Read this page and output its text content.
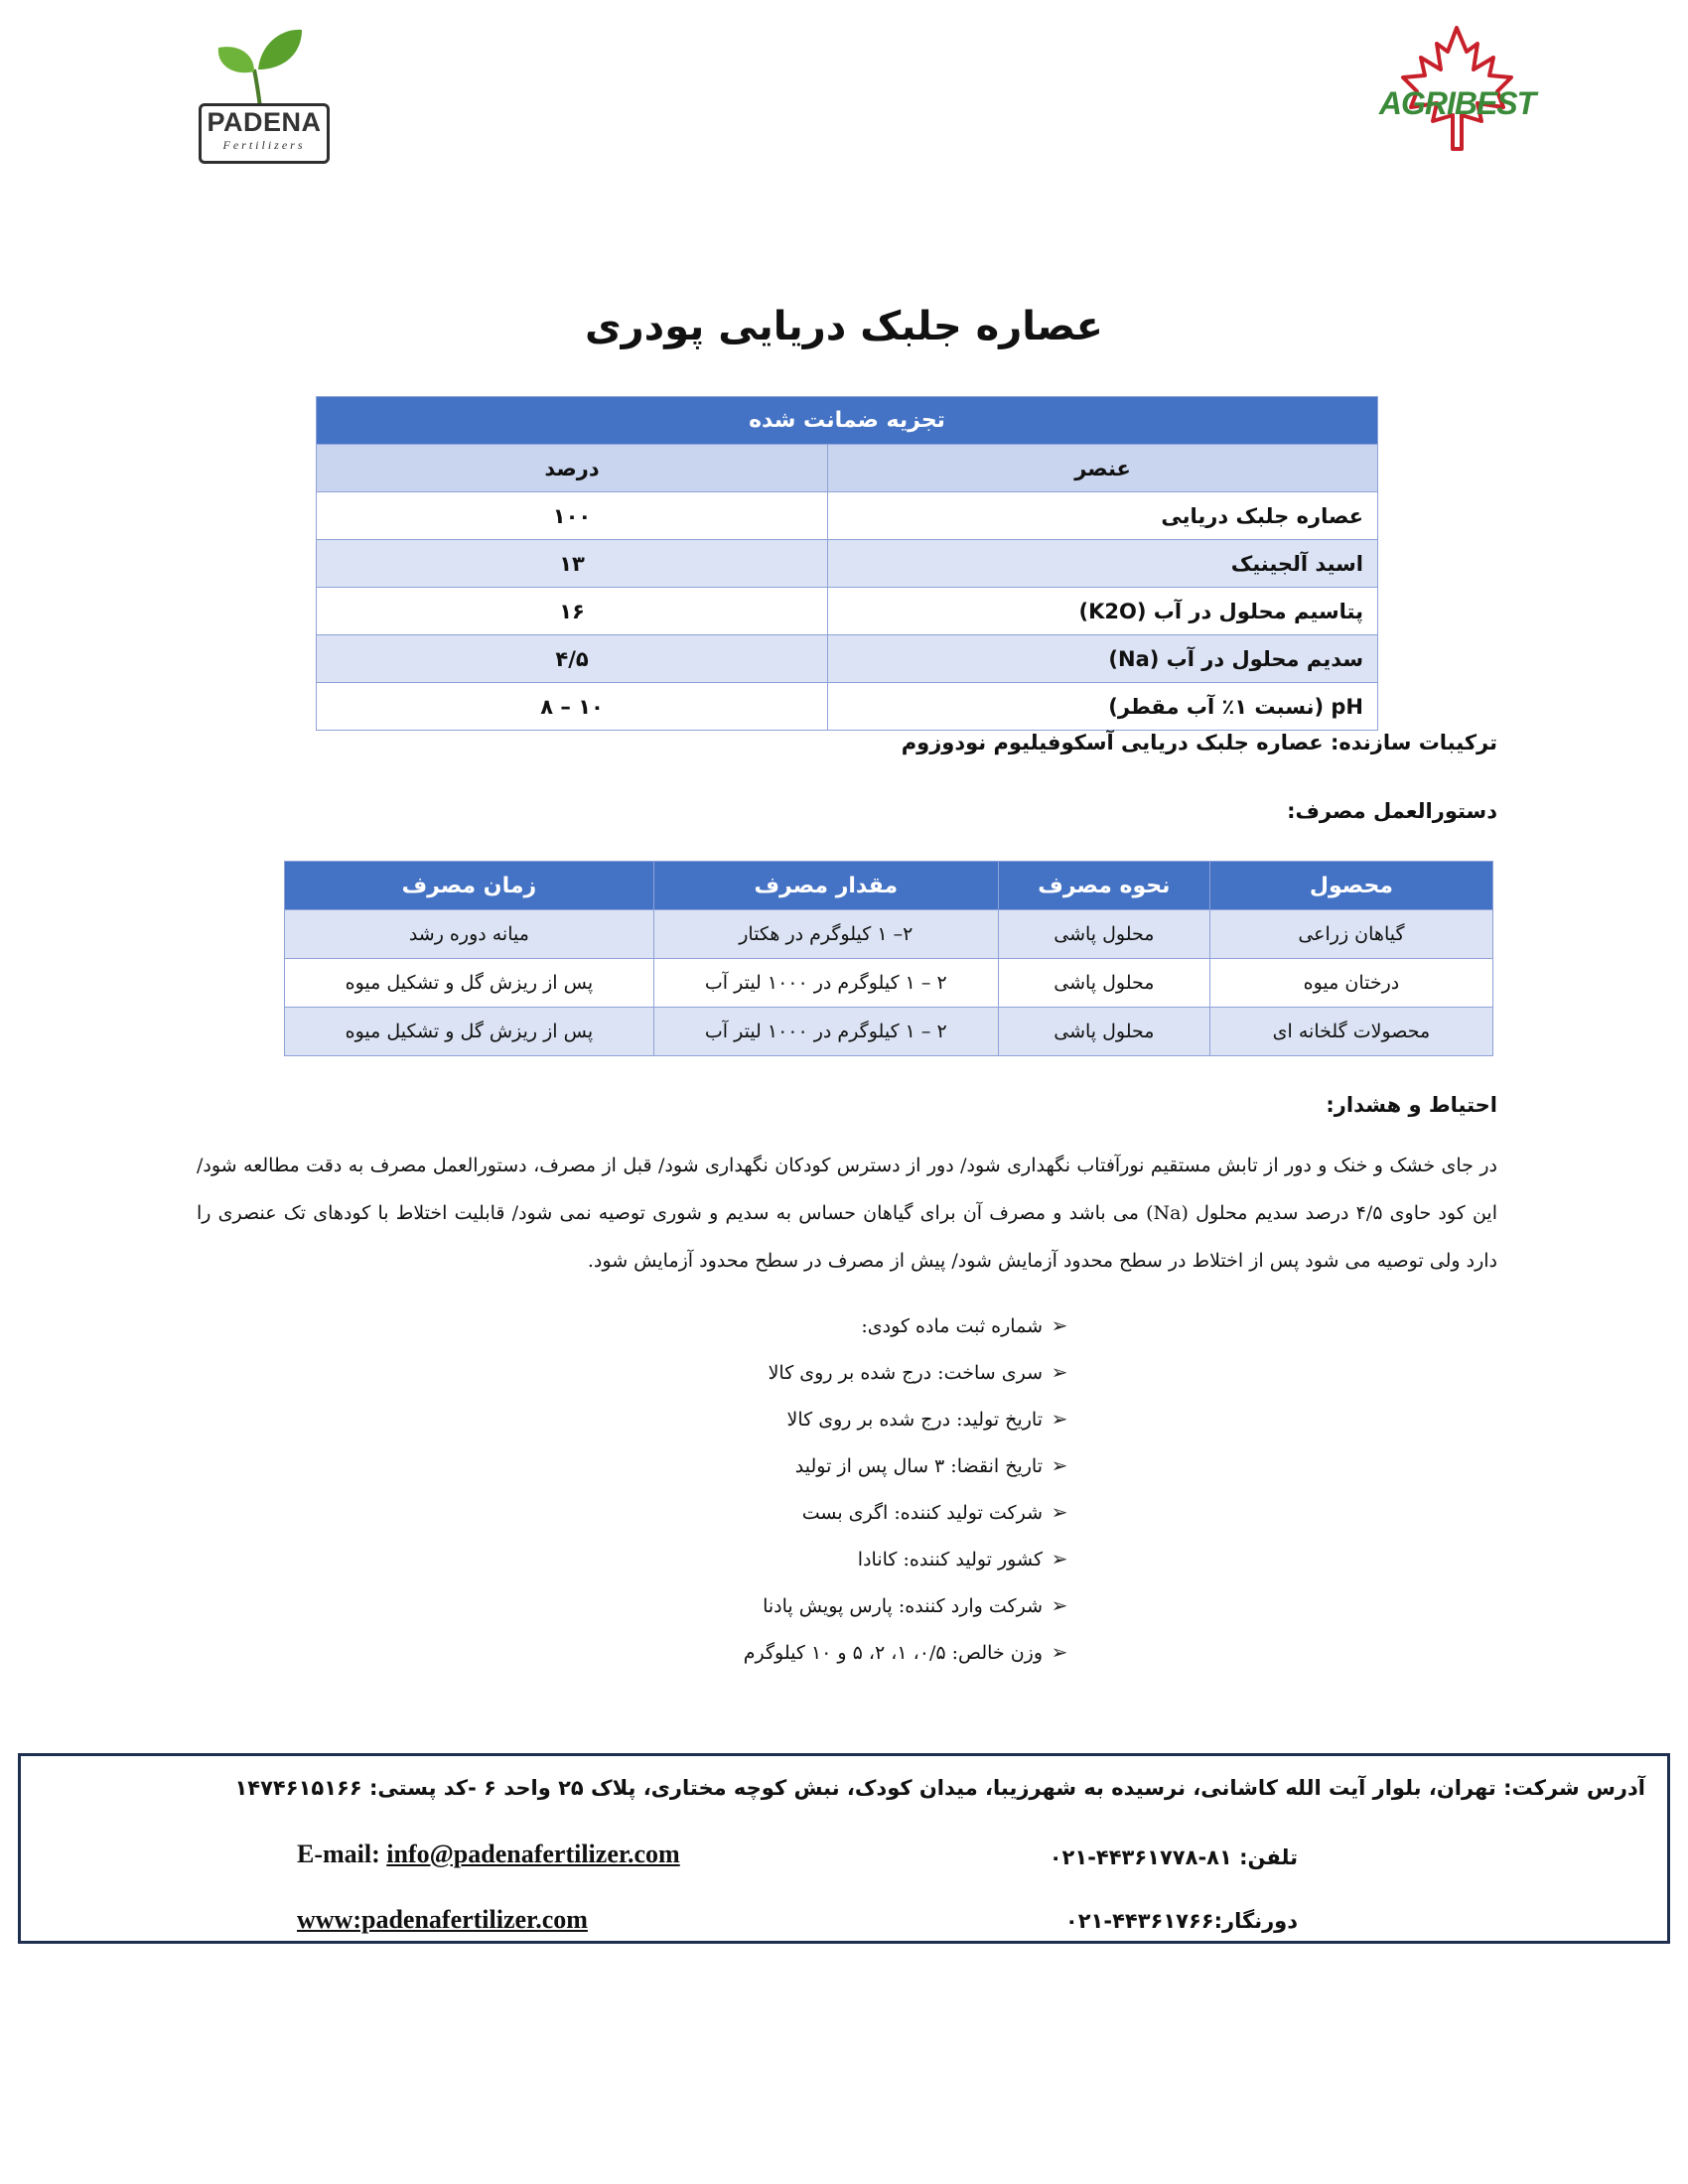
PADENA
Fertilizers
AGRIBEST
عصاره جلبک دریایی پودری
تجزیه ضمانت شده	
عنصر	درصد
عصاره جلبک دریایی	۱۰۰
اسید آلجینیک	۱۳
پتاسیم محلول در آب (K2O)	۱۶
سدیم محلول در آب (Na)	۴/۵
pH (نسبت ۱٪ آب مقطر)	۱۰ – ۸
ترکیبات سازنده: عصاره جلبک دریایی آسکوفیلیوم نودوزوم
دستورالعمل مصرف:
محصول	نحوه مصرف	مقدار مصرف	زمان مصرف
گیاهان زراعی	محلول پاشی	۲– ۱ کیلوگرم در هکتار	میانه دوره رشد
درختان میوه	محلول پاشی	۲ – ۱ کیلوگرم در ۱۰۰۰ لیتر آب	پس از ریزش گل و تشکیل میوه
محصولات گلخانه ای	محلول پاشی	۲ – ۱ کیلوگرم در ۱۰۰۰ لیتر آب	پس از ریزش گل و تشکیل میوه
احتیاط و هشدار:
در جای خشک و خنک و دور از تابش مستقیم نورآفتاب نگهداری شود/ دور از دسترس کودکان نگهداری شود/ قبل از مصرف، دستورالعمل مصرف به دقت مطالعه شود/این کود حاوی ۴/۵ درصد سدیم محلول (Na) می باشد و مصرف آن برای گیاهان حساس به سدیم و شوری توصیه نمی شود/ قابلیت اختلاط با کودهای تک عنصری را دارد ولی توصیه می شود پس از اختلاط در سطح محدود آزمایش شود/ پیش از مصرف در سطح محدود آزمایش شود.
➢شماره ثبت ماده کودی:
➢سری ساخت: درج شده بر روی کالا
➢تاریخ تولید: درج شده بر روی کالا
➢تاریخ انقضا: ۳ سال پس از تولید
➢شرکت تولید کننده: اگری بست
➢کشور تولید کننده: کانادا
➢شرکت وارد کننده: پارس پویش پادنا
➢وزن خالص: ۰/۵، ۱، ۲، ۵ و ۱۰ کیلوگرم
آدرس شرکت: تهران، بلوار آیت الله کاشانی، نرسیده به شهرزیبا، میدان کودک، نبش کوچه مختاری، پلاک ۲۵ واحد ۶ -کد پستی: ۱۴۷۴۶۱۵۱۶۶
تلفن: ۸۱-۴۴۳۶۱۷۷۸-۰۲۱
دورنگار:۴۴۳۶۱۷۶۶-۰۲۱
E-mail: info@padenafertilizer.com
www:padenafertilizer.com
